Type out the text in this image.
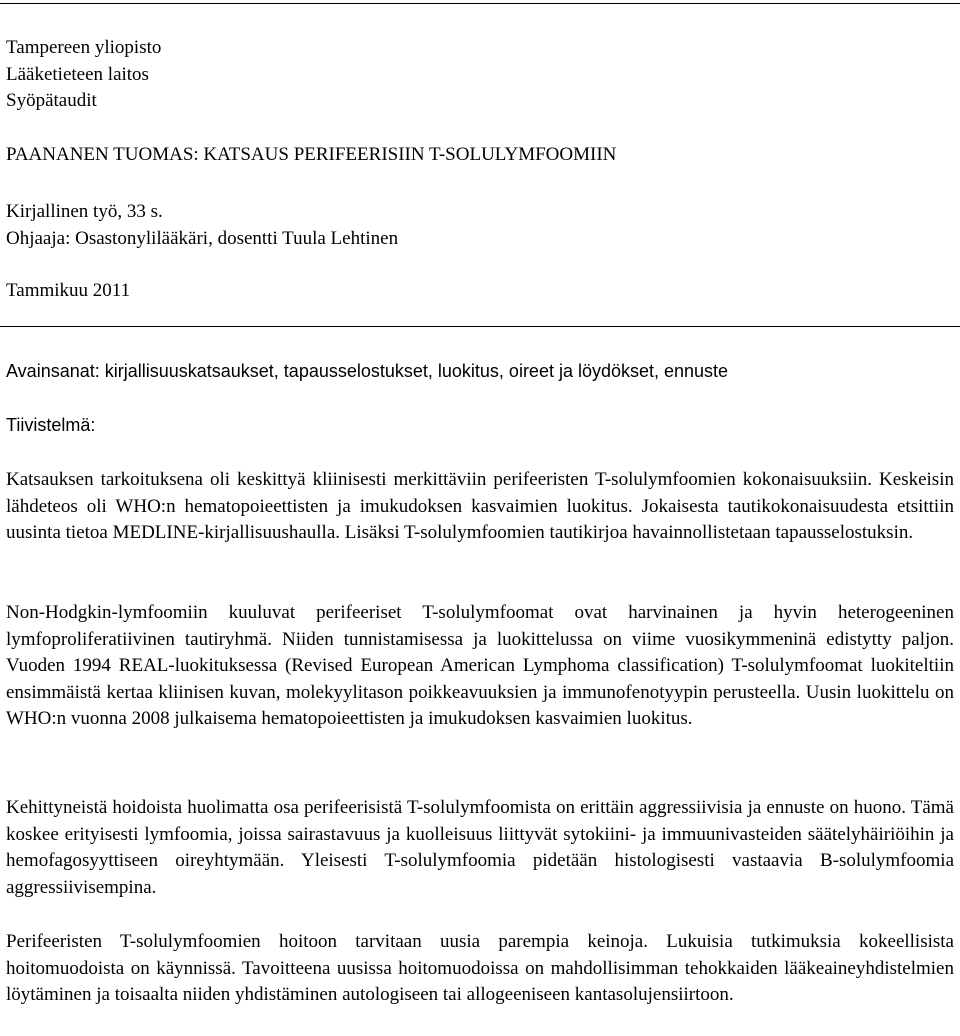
Tampereen yliopisto
Lääketieteen laitos
Syöpätaudit
PAANANEN TUOMAS: KATSAUS PERIFEERISIIN T-SOLULYMFOOMIIN
Kirjallinen työ, 33 s.
Ohjaaja: Osastonylilääkäri, dosentti Tuula Lehtinen
Tammikuu 2011
Avainsanat: kirjallisuuskatsaukset, tapausselostukset, luokitus, oireet ja löydökset, ennuste
Tiivistelmä:
Katsauksen tarkoituksena oli keskittyä kliinisesti merkittäviin perifeeristen T-solulymfoomien kokonaisuuksiin. Keskeisin lähdeteos oli WHO:n hematopoieettisten ja imukudoksen kasvaimien luokitus. Jokaisesta tautikokonaisuudesta etsittiin uusinta tietoa MEDLINE-kirjallisuushaulla. Lisäksi T-solulymfoomien tautikirjoa havainnollistetaan tapausselostuksin.
Non-Hodgkin-lymfoomiin kuuluvat perifeeriset T-solulymfoomat ovat harvinainen ja hyvin heterogeeninen lymfoproliferatiivinen tautiryhmä. Niiden tunnistamisessa ja luokittelussa on viime vuosikymmeninä edistytty paljon. Vuoden 1994 REAL-luokituksessa (Revised European American Lymphoma classification) T-solulymfoomat luokiteltiin ensimmäistä kertaa kliinisen kuvan, molekyylitason poikkeavuuksien ja immunofenotyypin perusteella. Uusin luokittelu on WHO:n vuonna 2008 julkaisema hematopoieettisten ja imukudoksen kasvaimien luokitus.
Kehittyneistä hoidoista huolimatta osa perifeerisistä T-solulymfoomista on erittäin aggressiivisia ja ennuste on huono. Tämä koskee erityisesti lymfoomia, joissa sairastavuus ja kuolleisuus liittyvät sytokiini- ja immuunivasteiden säätelyhäiriöihin ja hemofagosyyttiseen oireyhtymään. Yleisesti T-solulymfoomia pidetään histologisesti vastaavia B-solulymfoomia aggressiivisempina.
Perifeeristen T-solulymfoomien hoitoon tarvitaan uusia parempia keinoja. Lukuisia tutkimuksia kokeellisista hoitomuodoista on käynnissä. Tavoitteena uusissa hoitomuodoissa on mahdollisimman tehokkaiden lääkeaineyhdistelmien löytäminen ja toisaalta niiden yhdistäminen autologiseen tai allogeeniseen kantasolujensiirtoon.
